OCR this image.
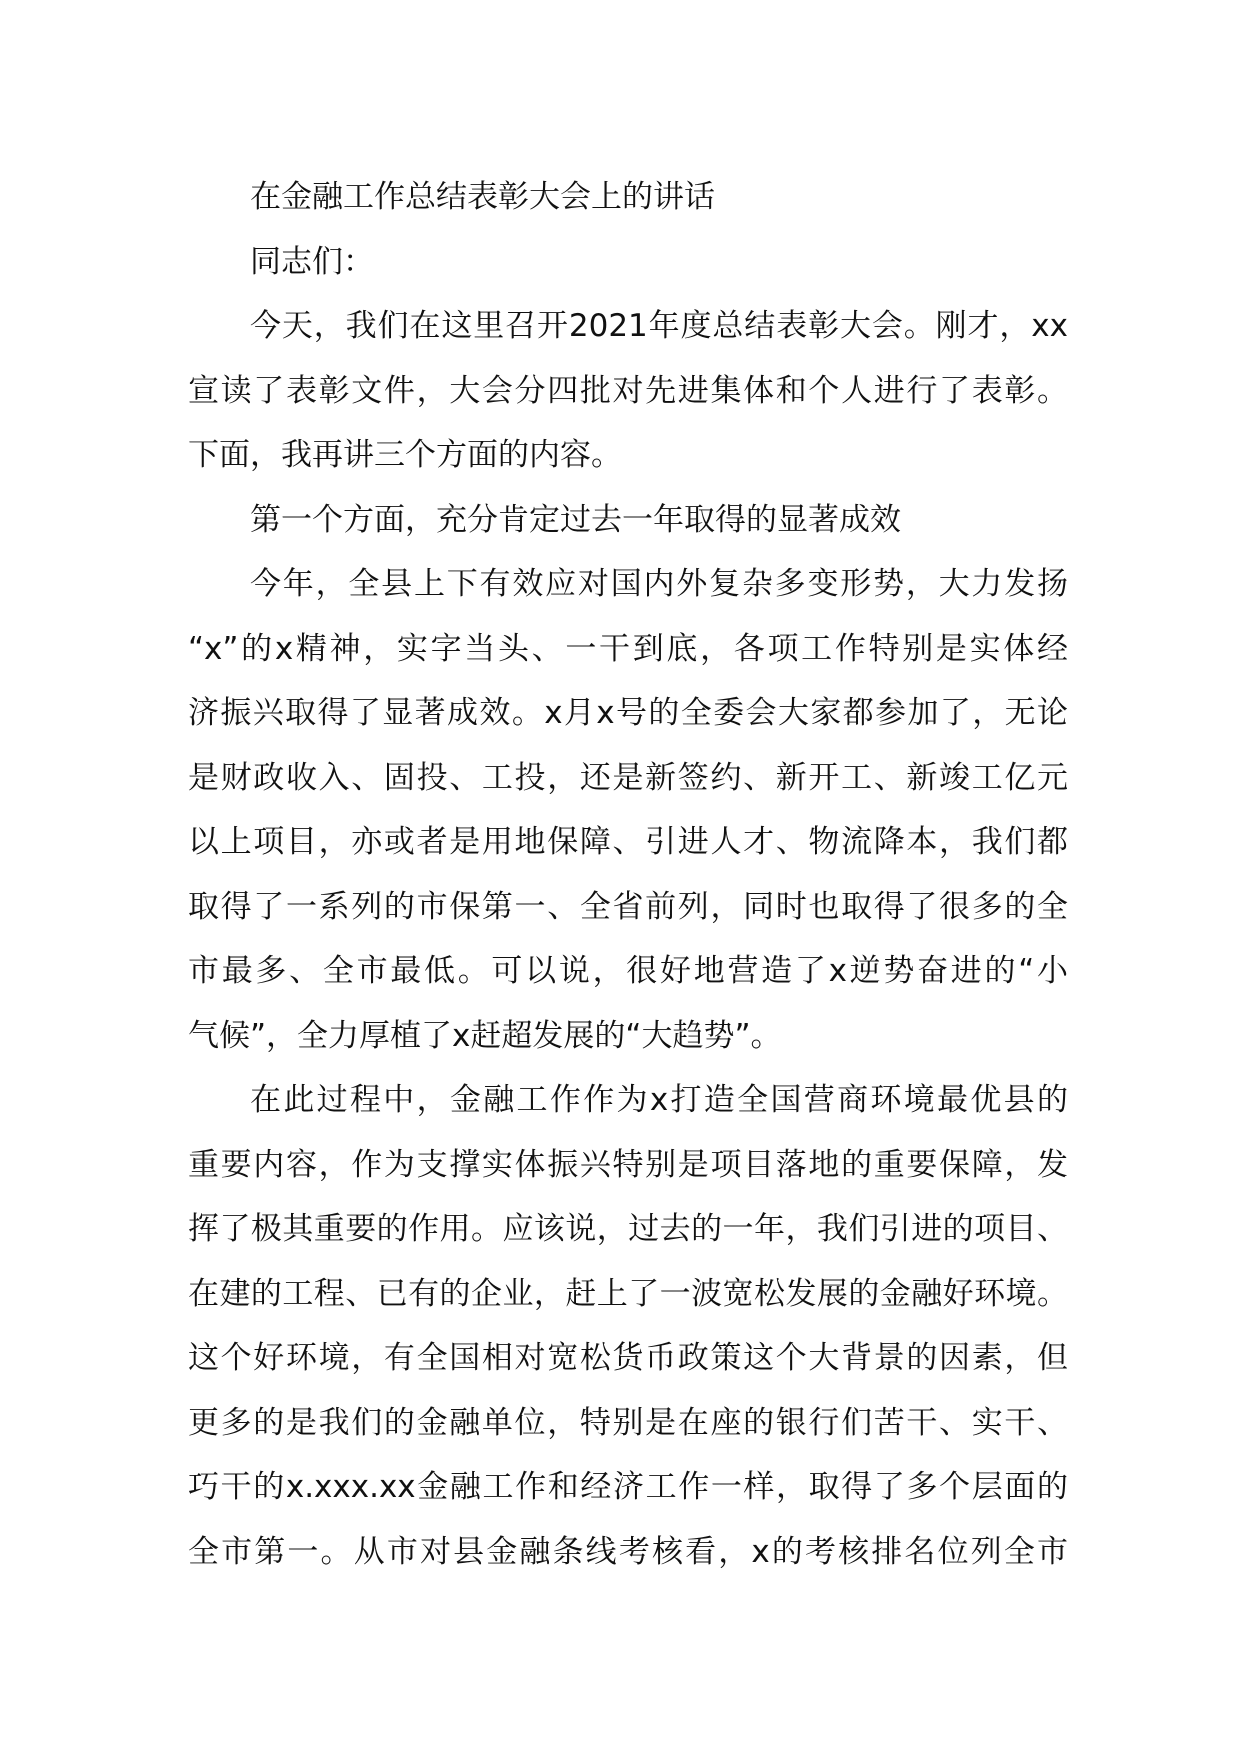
在金融工作总结表彰大会上的讲话
同志们：
今天，我们在这里召开2021年度总结表彰大会。刚才，xx
宣读了表彰文件，大会分四批对先进集体和个人进行了表彰。
下面，我再讲三个方面的内容。
第一个方面，充分肯定过去一年取得的显著成效
今年，全县上下有效应对国内外复杂多变形势，大力发扬
“x”的x精神，实字当头、一干到底，各项工作特别是实体经
济振兴取得了显著成效。x月x号的全委会大家都参加了，无论
是财政收入、固投、工投，还是新签约、新开工、新竣工亿元
以上项目，亦或者是用地保障、引进人才、物流降本，我们都
取得了一系列的市保第一、全省前列，同时也取得了很多的全
市最多、全市最低。可以说，很好地营造了x逆势奋进的“小
气候”，全力厚植了x赶超发展的“大趋势”。
在此过程中，金融工作作为x打造全国营商环境最优县的
重要内容，作为支撑实体振兴特别是项目落地的重要保障，发
挥了极其重要的作用。应该说，过去的一年，我们引进的项目、
在建的工程、已有的企业，赶上了一波宽松发展的金融好环境。
这个好环境，有全国相对宽松货币政策这个大背景的因素，但
更多的是我们的金融单位，特别是在座的银行们苦干、实干、
巧干的x.xxx.xx金融工作和经济工作一样，取得了多个层面的
全市第一。从市对县金融条线考核看，x的考核排名位列全市
